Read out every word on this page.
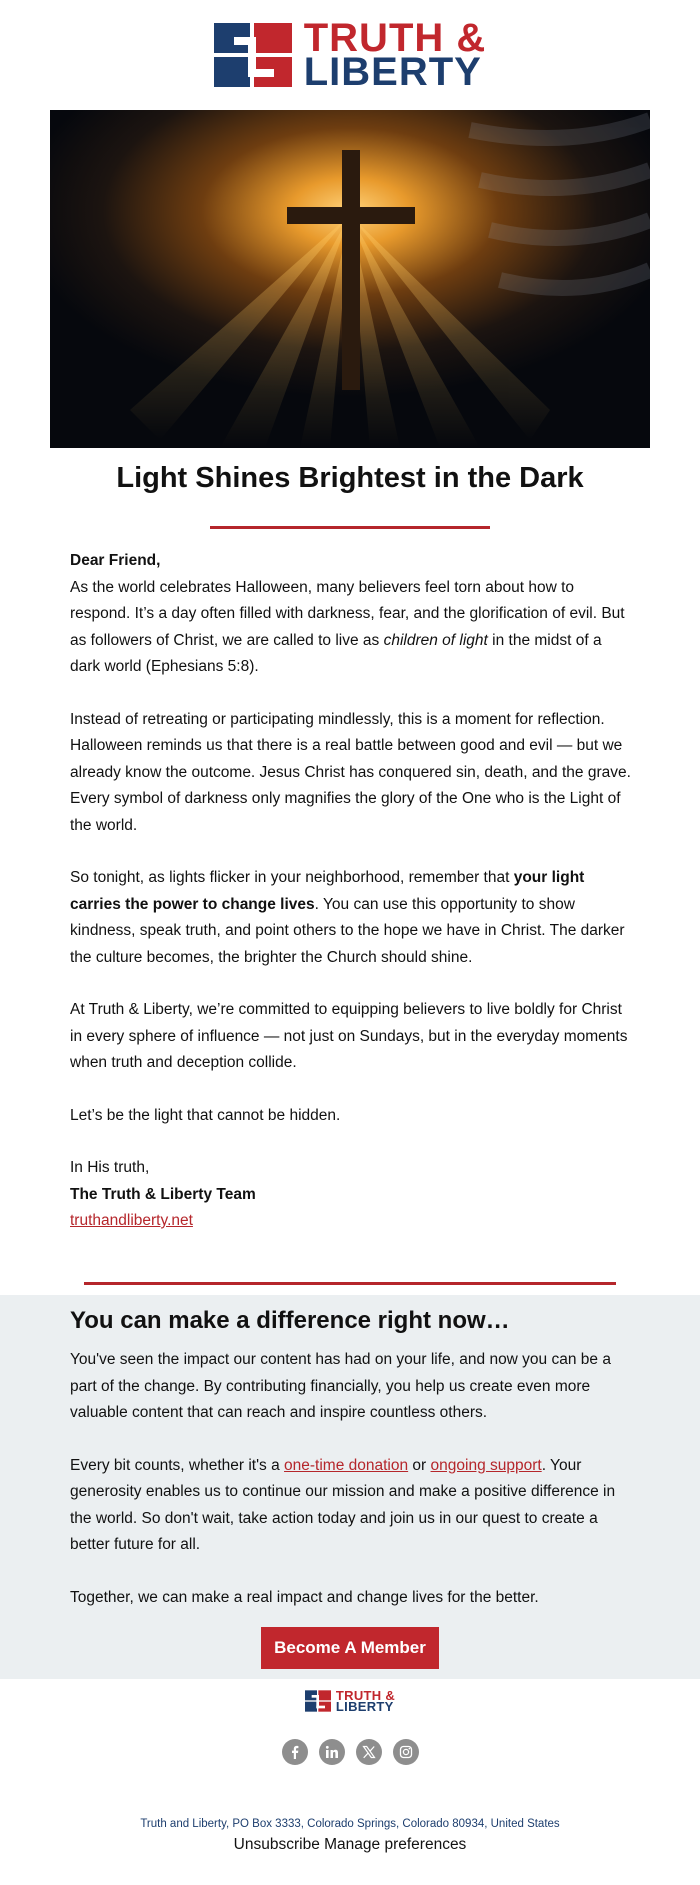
TRUTH &
LIBERTY
Light Shines Brightest in the Dark

Dear Friend,
As the world celebrates Halloween, many believers feel torn about how to respond. It’s a day often filled with darkness, fear, and the glorification of evil. But as followers of Christ, we are called to live as children of light in the midst of a dark world (Ephesians 5:8).

Instead of retreating or participating mindlessly, this is a moment for reflection. Halloween reminds us that there is a real battle between good and evil — but we already know the outcome. Jesus Christ has conquered sin, death, and the grave. Every symbol of darkness only magnifies the glory of the One who is the Light of the world.

So tonight, as lights flicker in your neighborhood, remember that your light carries the power to change lives. You can use this opportunity to show kindness, speak truth, and point others to the hope we have in Christ. The darker the culture becomes, the brighter the Church should shine.

At Truth & Liberty, we’re committed to equipping believers to live boldly for Christ in every sphere of influence — not just on Sundays, but in the everyday moments when truth and deception collide.

Let’s be the light that cannot be hidden.

In His truth,

The Truth & Liberty Team
truthandliberty.net

You can make a difference right now…

You've seen the impact our content has had on your life, and now you can be a part of the change. By contributing financially, you help us create even more valuable content that can reach and inspire countless others.

Every bit counts, whether it's a one-time donation or ongoing support. Your generosity enables us to continue our mission and make a positive difference in the world. So don't wait, take action today and join us in our quest to create a better future for all.

Together, we can make a real impact and change lives for the better.

Become A Member
TRUTH &
LIBERTY
Truth and Liberty, PO Box 3333, Colorado Springs, Colorado 80934, United States
Unsubscribe Manage preferences
